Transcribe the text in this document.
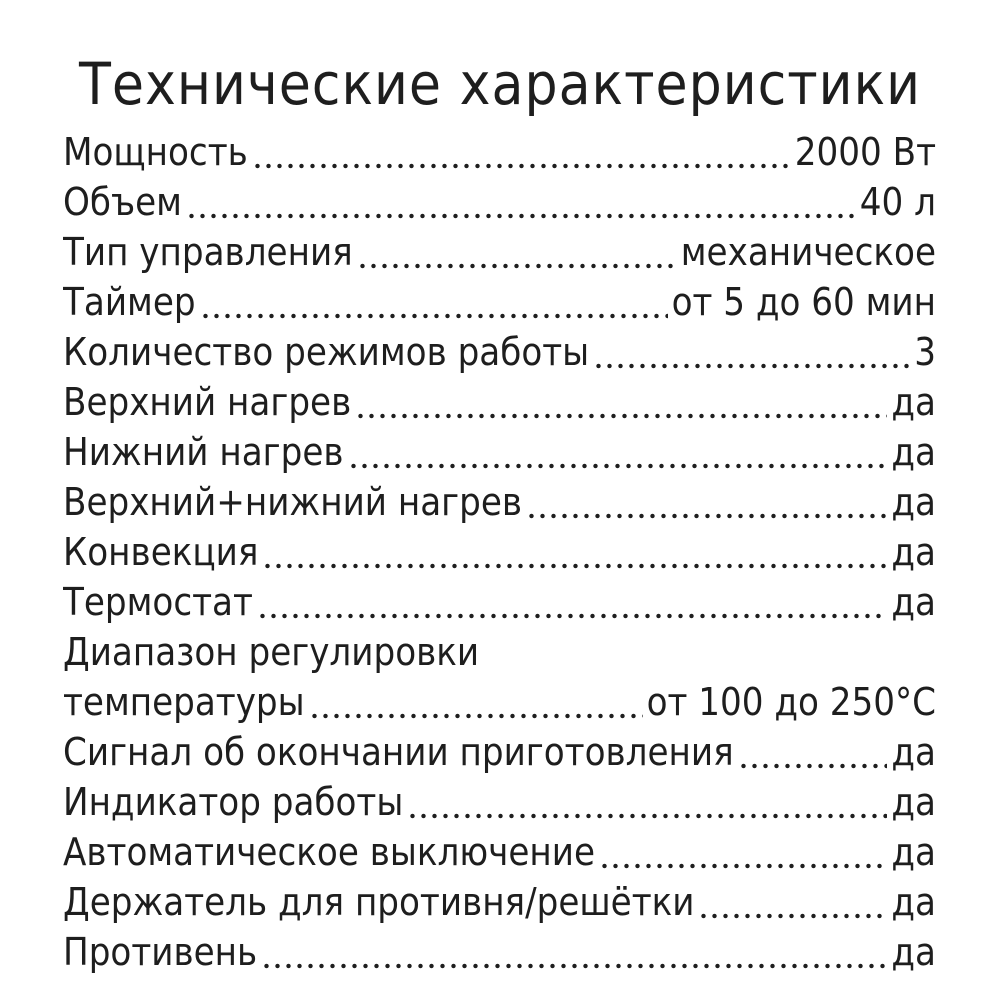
Технические характеристики
Мощность	2000 Вт
Объем	40 л
Тип управления	механическое
Таймер	от 5 до 60 мин
Количество режимов работы	3
Верхний нагрев	да
Нижний нагрев	да
Верхний+нижний нагрев	да
Конвекция	да
Термостат	да
Диапазон регулировки
температуры	от 100 до 250°C
Сигнал об окончании приготовления	да
Индикатор работы	да
Автоматическое выключение	да
Держатель для противня/решётки	да
Противень	да
